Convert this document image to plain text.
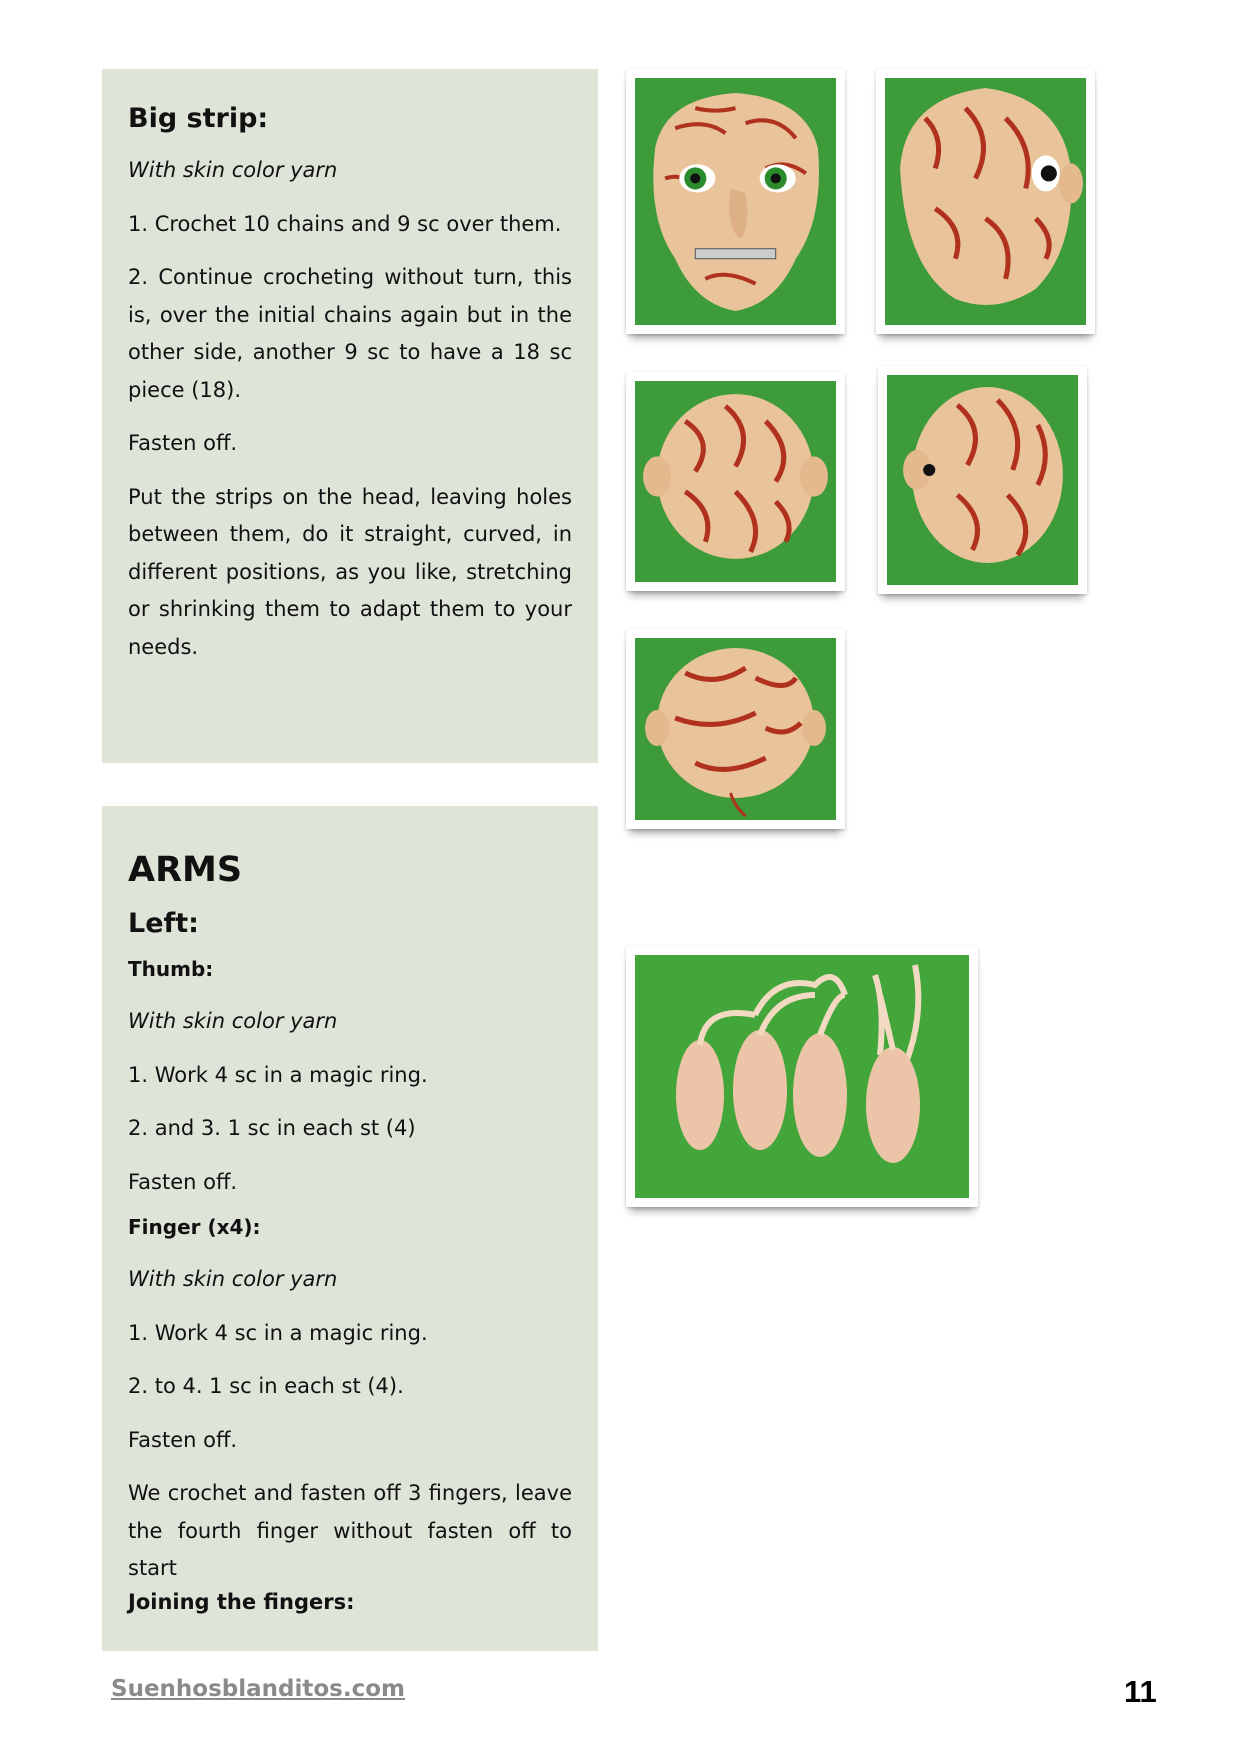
Big strip:

With skin color yarn

1. Crochet 10 chains and 9 sc over them.

2. Continue crocheting without turn, this is, over the initial chains again but in the other side, another 9 sc to have a 18 sc piece (18).

Fasten off.

Put the strips on the head, leaving holes between them, do it straight, curved, in different positions, as you like, stretching or shrinking them to adapt them to your needs.

ARMS
Left:
Thumb:

With skin color yarn

1. Work 4 sc in a magic ring.

2. and 3. 1 sc in each st (4)

Fasten off.

Finger (x4):

With skin color yarn

1. Work 4 sc in a magic ring.

2. to 4. 1 sc in each st (4).

Fasten off.

We crochet and fasten off 3 fingers, leave the fourth finger without fasten off to start

Joining the fingers:

Suenhosblanditos.com	11
